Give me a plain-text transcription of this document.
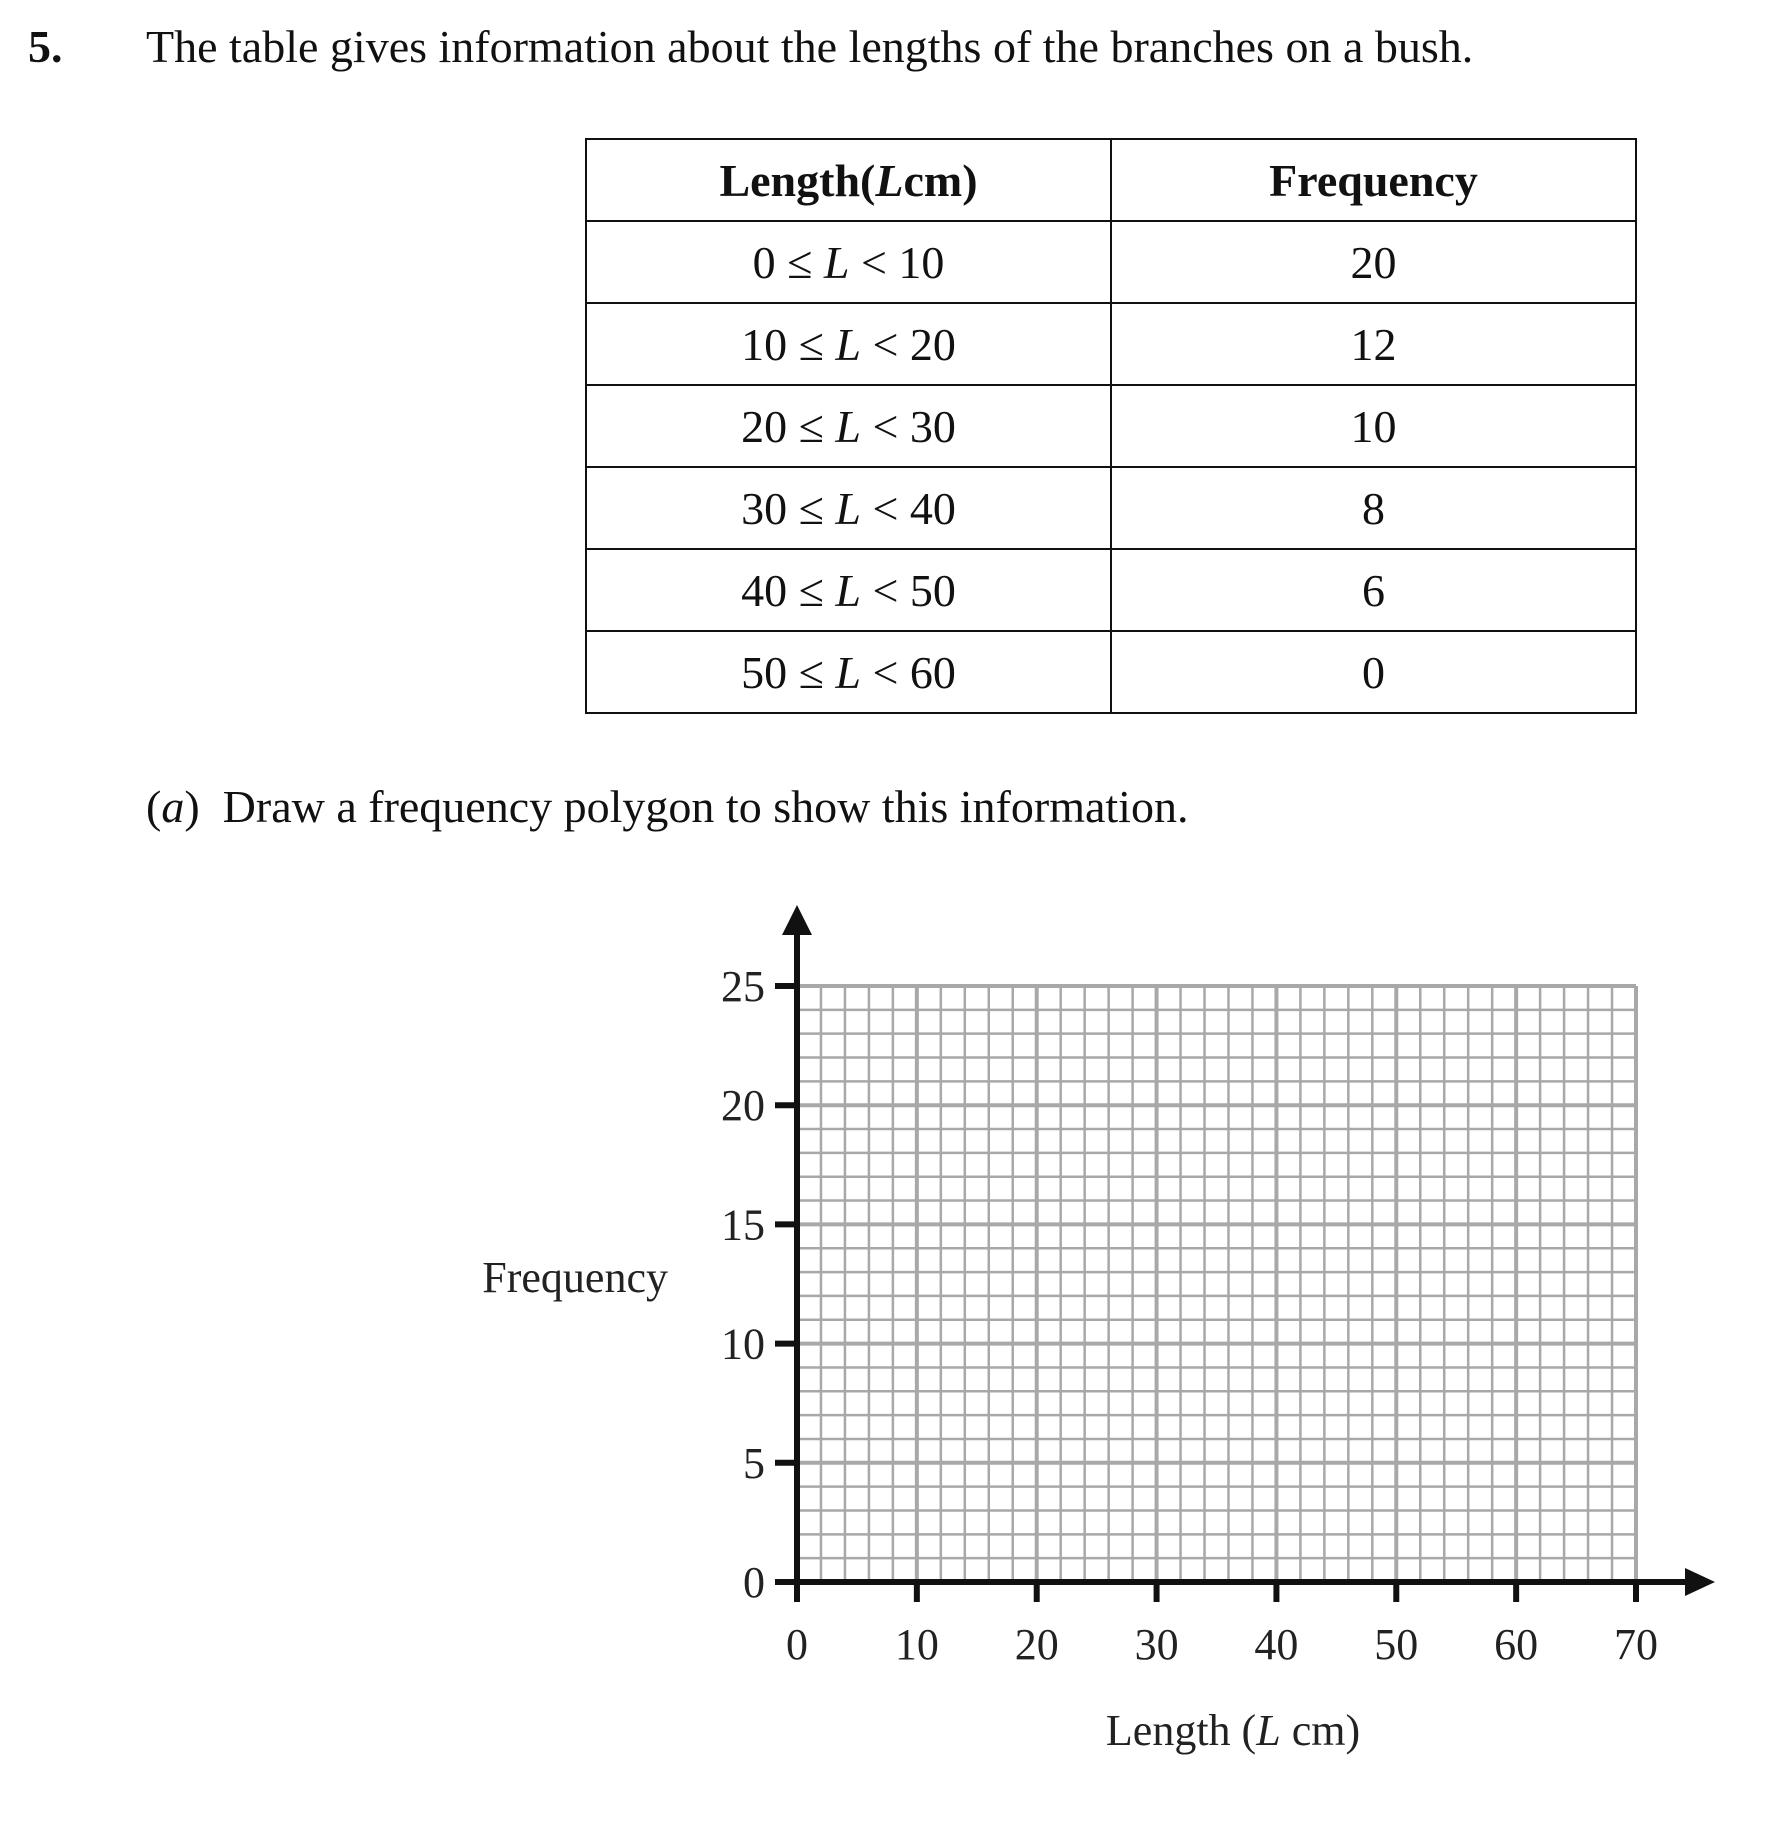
5. The table gives information about the lengths of the branches on a bush.
Length(Lcm)	Frequency
0 ≤ L < 10	20
10 ≤ L < 20	12
20 ≤ L < 30	10
30 ≤ L < 40	8
40 ≤ L < 50	6
50 ≤ L < 60	0
(a) Draw a frequency polygon to show this information.
0 10 20 30 40 50 60 70
0
5
10
15
20
25
Frequency
Length (L cm)
